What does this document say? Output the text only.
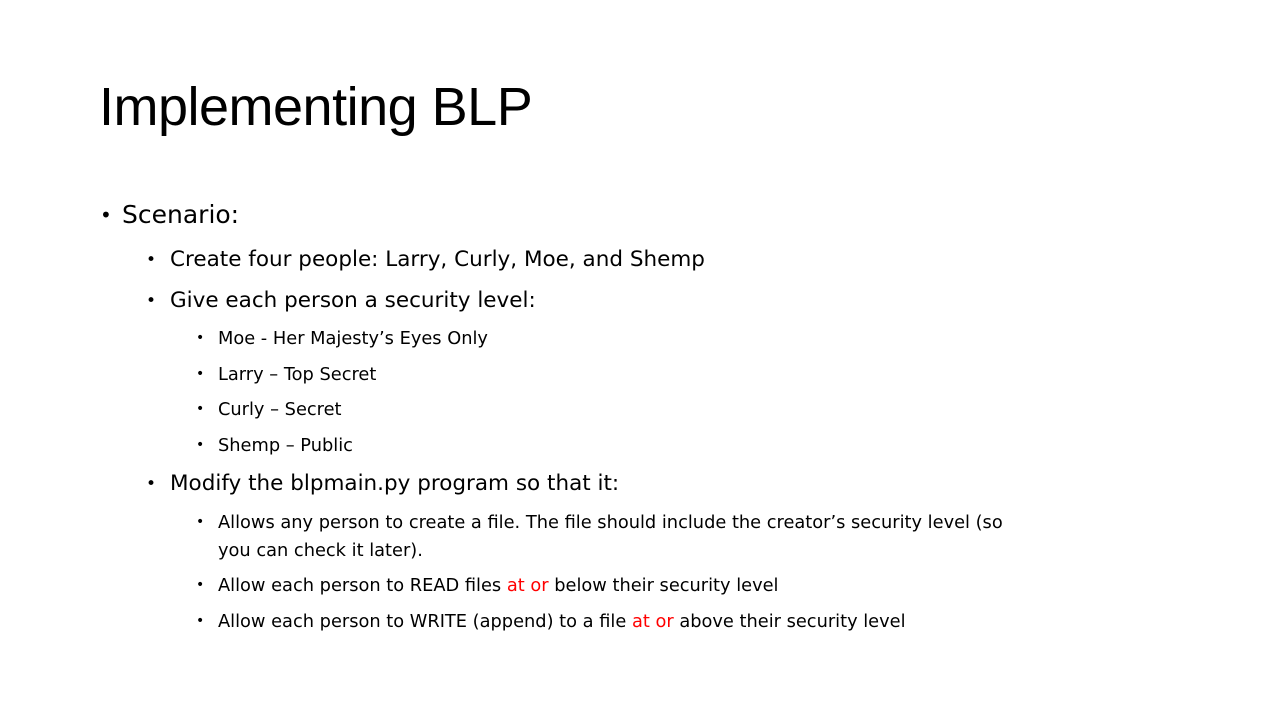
Implementing BLP
• Scenario:
• Create four people: Larry, Curly, Moe, and Shemp
• Give each person a security level:
• Moe - Her Majesty’s Eyes Only
• Larry – Top Secret
• Curly – Secret
• Shemp – Public
• Modify the blpmain.py program so that it:
• Allows any person to create a file. The file should include the creator’s security level (so
you can check it later).
• Allow each person to READ files at or below their security level
• Allow each person to WRITE (append) to a file at or above their security level
